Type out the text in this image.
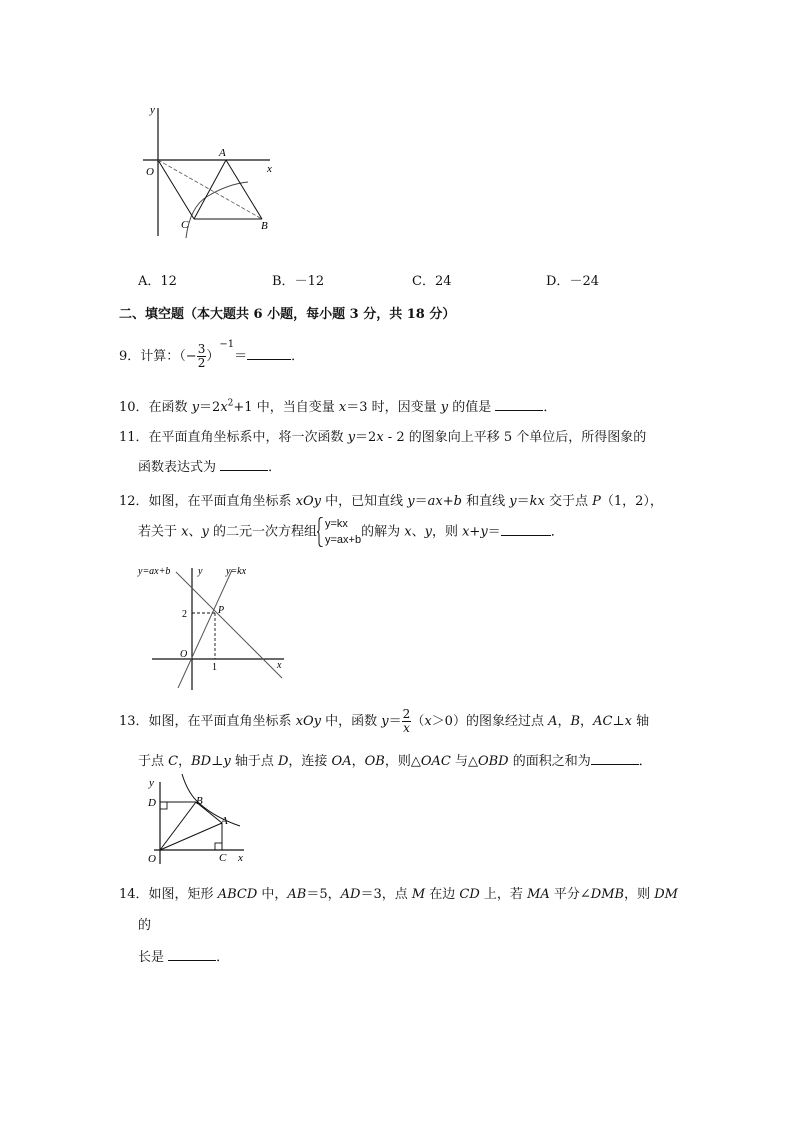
y
x
O
A
B
C
A．12	B．－12	C．24	D．－24
二、填空题（本大题共 6 小题，每小题 3 分，共 18 分）
9．计算：（− $\frac{3}{2} )^{-1}=$	．
10．在函数 $y=2x^2+1$ 中，当自变量 x＝3 时，因变量 y 的值是	．
11．在平面直角坐标系中，将一次函数 y＝2x - 2 的图象向上平移 5 个单位后，所得图象的
函数表达式为	．
12．如图，在平面直角坐标系 xOy 中，已知直线 y＝ax+b 和直线 y＝kx 交于点 P（1，2），
若关于 x、y 的二元一次方程组
y=kx
y=ax+b
的解为 x、y，则 x+y＝	．
y=ax+b	y y=kx
2	P
O
1	x
13．如图，在平面直角坐标系 xOy 中，函数 $y= \frac{2}{x} (x>0)$的图象经过点 A，B，AC⊥x 轴
于点 C，BD⊥y 轴于点 D，连接 OA，OB，则△OAC 与△OBD 的面积之和为	．
y
x
D	B
A
O	C
14．如图，矩形 ABCD 中，AB＝5，AD＝3，点 M 在边 CD 上，若 MA 平分∠DMB，则 DM
的
长是	．
